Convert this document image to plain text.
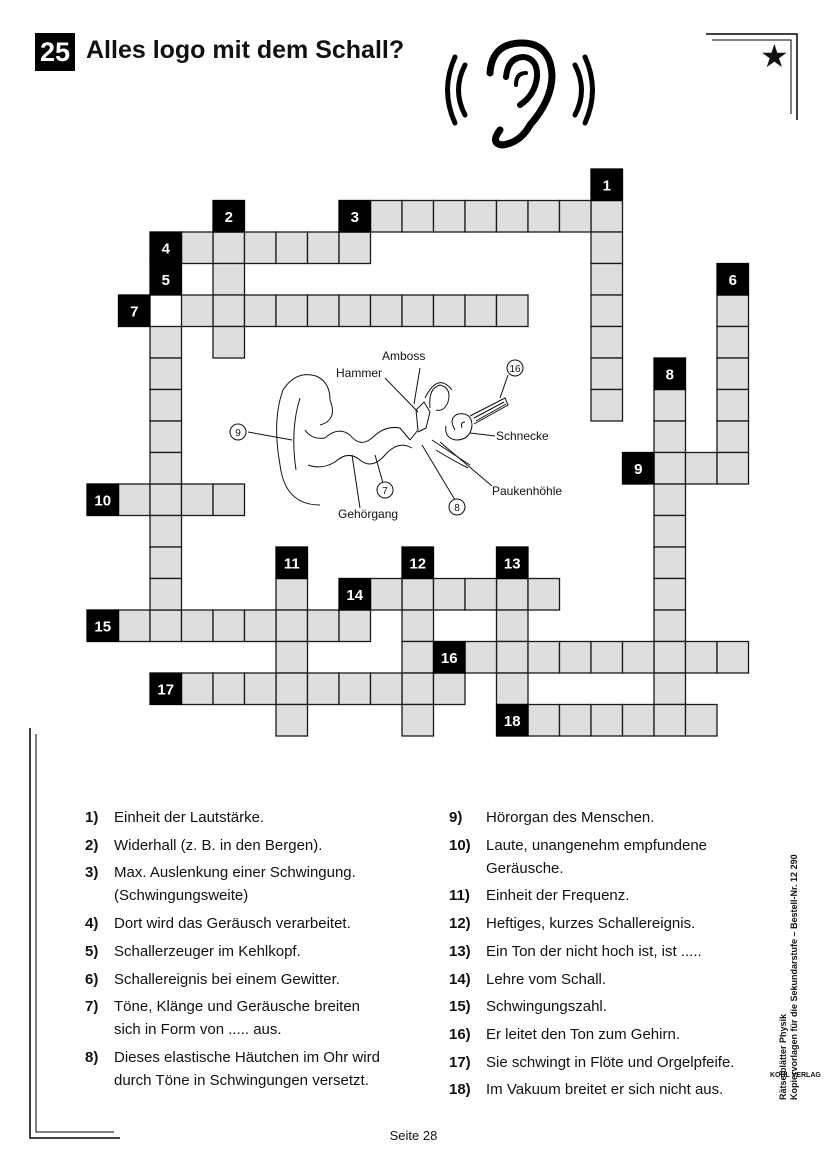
25 Alles logo mit dem Schall?	★
1
2	3
4
5	6
7
8
9
10
11	12	13
14
15
16
17
18
Amboss
Hammer
Schnecke
Paukenhöhle
Gehörgang
9
7
8
16
1) Einheit der Lautstärke.
2) Widerhall (z. B. in den Bergen).
3) Max. Auslenkung einer Schwingung.
(Schwingungsweite)
4) Dort wird das Geräusch verarbeitet.
5) Schallerzeuger im Kehlkopf.
6) Schallereignis bei einem Gewitter.
7) Töne, Klänge und Geräusche breiten
sich in Form von ..... aus.
8) Dieses elastische Häutchen im Ohr wird
durch Töne in Schwingungen versetzt.
9) Hörorgan des Menschen.
10) Laute, unangenehm empfundene
Geräusche.
11) Einheit der Frequenz.
12) Heftiges, kurzes Schallereignis.
13) Ein Ton der nicht hoch ist, ist .....
14) Lehre vom Schall.
15) Schwingungszahl.
16) Er leitet den Ton zum Gehirn.
17) Sie schwingt in Flöte und Orgelpfeife.
18) Im Vakuum breitet er sich nicht aus.	Rätselblätter Physik Kopiervorlagen für die Sekundarstufe – Bestell-Nr. 12 290
KOHL VERLAG
Seite 28
